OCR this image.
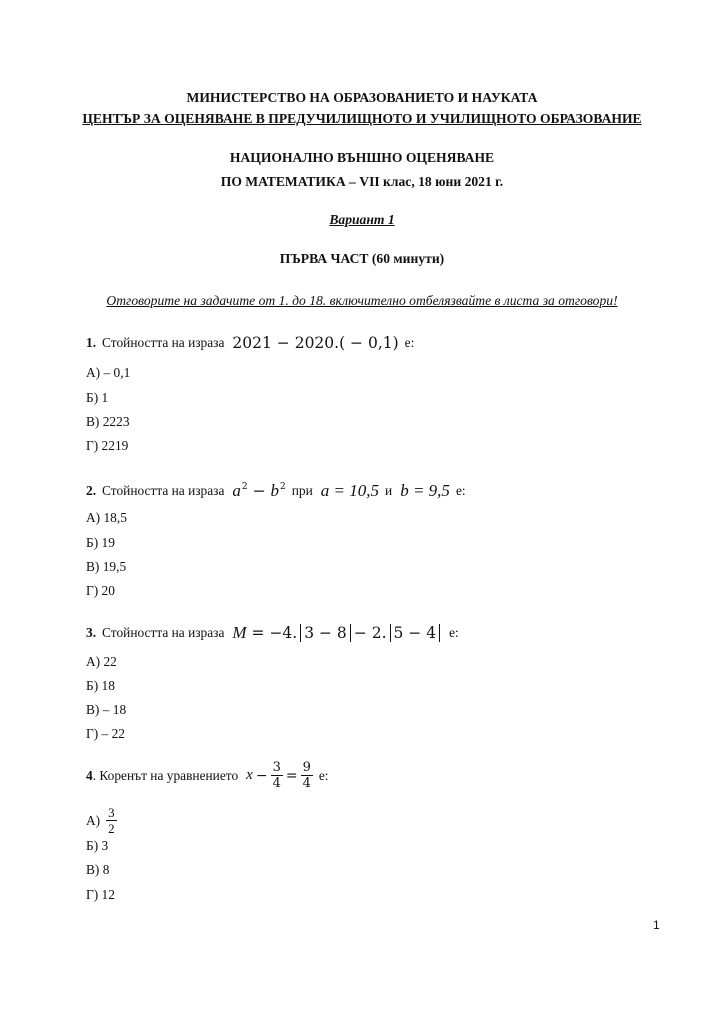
МИНИСТЕРСТВО НА ОБРАЗОВАНИЕТО И НАУКАТА
ЦЕНТЪР ЗА ОЦЕНЯВАНЕ В ПРЕДУЧИЛИЩНОТО И УЧИЛИЩНОТО ОБРАЗОВАНИЕ
НАЦИОНАЛНО ВЪНШНО ОЦЕНЯВАНЕ
ПО МАТЕМАТИКА – VII клас, 18 юни 2021 г.
Вариант 1
ПЪРВА ЧАСТ (60 минути)
Отговорите на задачите от 1. до 18. включително отбелязвайте в листа за отговори!
1. Стойността на израза 2021 − 2020.( − 0,1) е:
А) – 0,1
Б) 1
В) 2223
Г) 2219
2. Стойността на израза $a^2 - b^2$ при a = 10,5 и b = 9,5 е:
А) 18,5
Б) 19
В) 19,5
Г) 20
3. Стойността на израза M = −4. 3 − 8 − 2. 5 − 4 е:
А) 22
Б) 18
В) – 18
Г) – 22
4 . Коренът на уравнението $x - \frac{3}{4} = \frac{9}{4} е$:
$А) \frac{3}{2}$
Б) 3
В) 8
Г) 12
1
